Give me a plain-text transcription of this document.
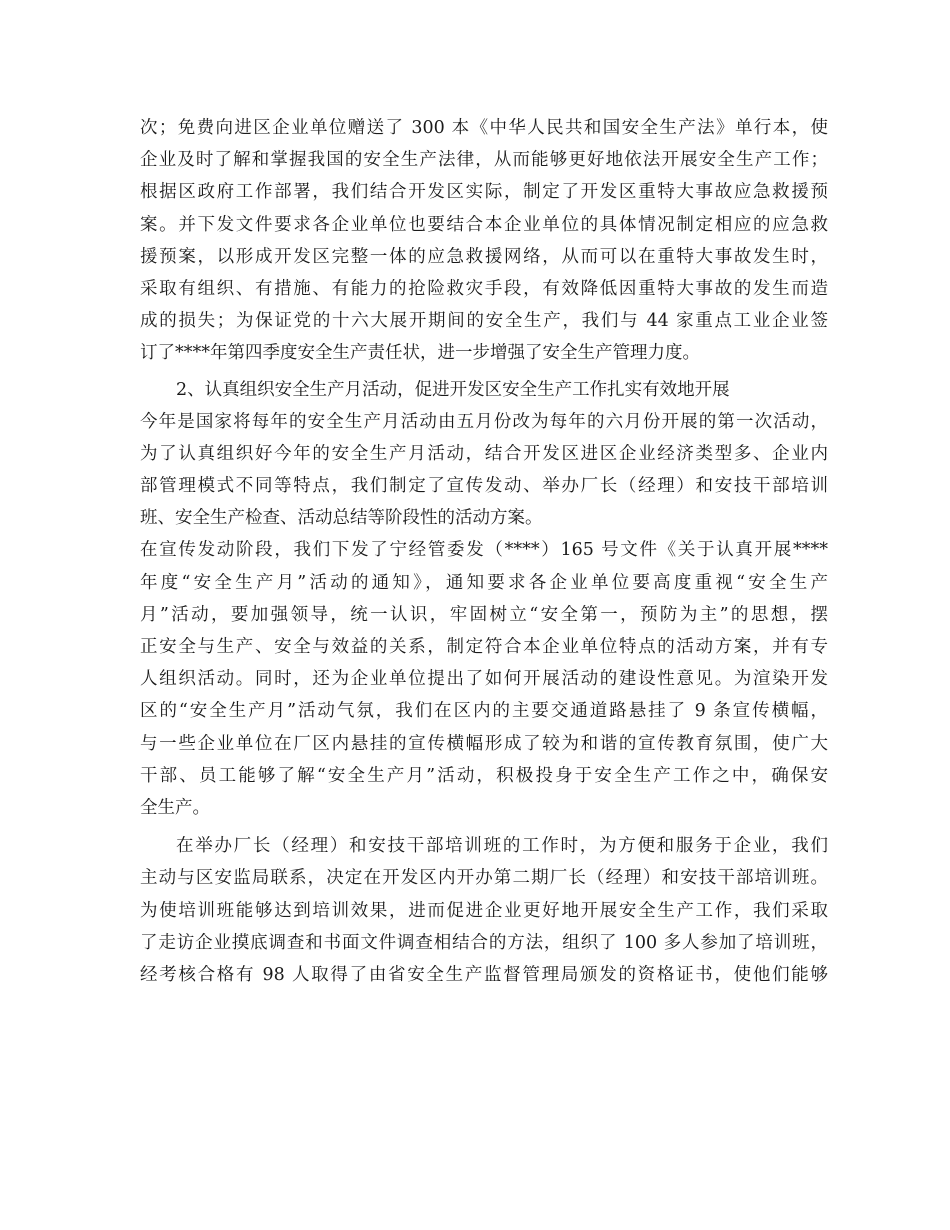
次；免费向进区企业单位赠送了 300 本《中华人民共和国安全生产法》单行本，使
企业及时了解和掌握我国的安全生产法律，从而能够更好地依法开展安全生产工作；
根据区政府工作部署，我们结合开发区实际，制定了开发区重特大事故应急救援预
案。并下发文件要求各企业单位也要结合本企业单位的具体情况制定相应的应急救
援预案，以形成开发区完整一体的应急救援网络，从而可以在重特大事故发生时，
采取有组织、有措施、有能力的抢险救灾手段，有效降低因重特大事故的发生而造
成的损失；为保证党的十六大展开期间的安全生产，我们与 44 家重点工业企业签
订了****年第四季度安全生产责任状，进一步增强了安全生产管理力度。
2、认真组织安全生产月活动，促进开发区安全生产工作扎实有效地开展
今年是国家将每年的安全生产月活动由五月份改为每年的六月份开展的第一次活动，
为了认真组织好今年的安全生产月活动，结合开发区进区企业经济类型多、企业内
部管理模式不同等特点，我们制定了宣传发动、举办厂长（经理）和安技干部培训
班、安全生产检查、活动总结等阶段性的活动方案。
在宣传发动阶段，我们下发了宁经管委发（****）165 号文件《关于认真开展****
年度“安全生产月”活动的通知》，通知要求各企业单位要高度重视“安全生产
月”活动，要加强领导，统一认识，牢固树立“安全第一，预防为主”的思想，摆
正安全与生产、安全与效益的关系，制定符合本企业单位特点的活动方案，并有专
人组织活动。同时，还为企业单位提出了如何开展活动的建设性意见。为渲染开发
区的“安全生产月”活动气氛，我们在区内的主要交通道路悬挂了 9 条宣传横幅，
与一些企业单位在厂区内悬挂的宣传横幅形成了较为和谐的宣传教育氛围，使广大
干部、员工能够了解“安全生产月”活动，积极投身于安全生产工作之中，确保安
全生产。
在举办厂长（经理）和安技干部培训班的工作时，为方便和服务于企业，我们
主动与区安监局联系，决定在开发区内开办第二期厂长（经理）和安技干部培训班。
为使培训班能够达到培训效果，进而促进企业更好地开展安全生产工作，我们采取
了走访企业摸底调查和书面文件调查相结合的方法，组织了 100 多人参加了培训班，
经考核合格有 98 人取得了由省安全生产监督管理局颁发的资格证书，使他们能够
